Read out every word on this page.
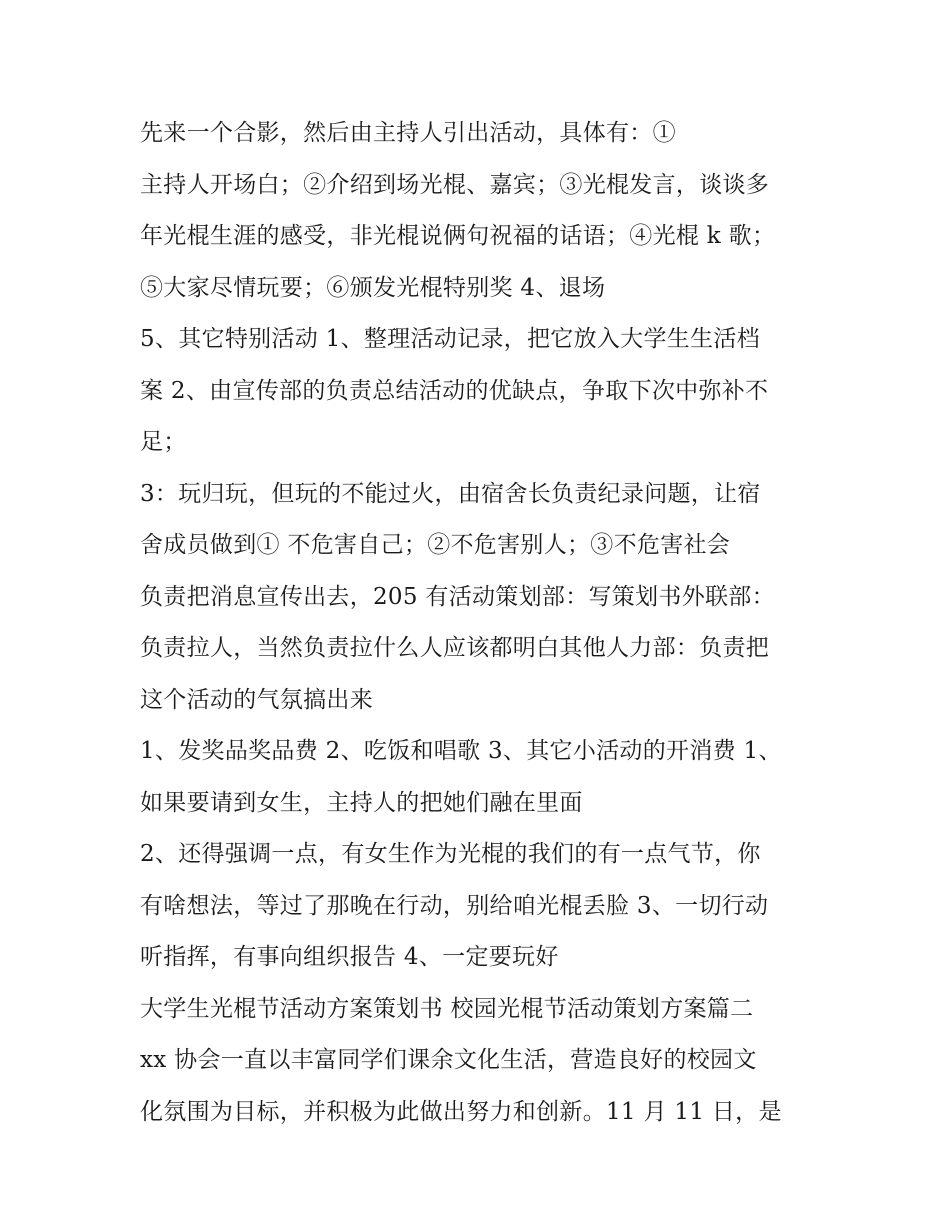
先来一个合影，然后由主持人引出活动，具体有：①
主持人开场白；②介绍到场光棍、嘉宾；③光棍发言，谈谈多
年光棍生涯的感受，非光棍说俩句祝福的话语；④光棍 k 歌；
⑤大家尽情玩要；⑥颁发光棍特别奖 4、退场
5、其它特别活动 1、整理活动记录，把它放入大学生生活档
案 2、由宣传部的负责总结活动的优缺点，争取下次中弥补不
足；
3：玩归玩，但玩的不能过火，由宿舍长负责纪录问题，让宿
舍成员做到① 不危害自己；②不危害别人；③不危害社会
负责把消息宣传出去，205 有活动策划部：写策划书外联部：
负责拉人，当然负责拉什么人应该都明白其他人力部：负责把
这个活动的气氛搞出来
1、发奖品奖品费 2、吃饭和唱歌 3、其它小活动的开消费 1、
如果要请到女生，主持人的把她们融在里面
2、还得强调一点，有女生作为光棍的我们的有一点气节，你
有啥想法，等过了那晚在行动，别给咱光棍丢脸 3、一切行动
听指挥，有事向组织报告 4、一定要玩好
大学生光棍节活动方案策划书 校园光棍节活动策划方案篇二
xx 协会一直以丰富同学们课余文化生活，营造良好的校园文
化氛围为目标，并积极为此做出努力和创新。11 月 11 日，是
